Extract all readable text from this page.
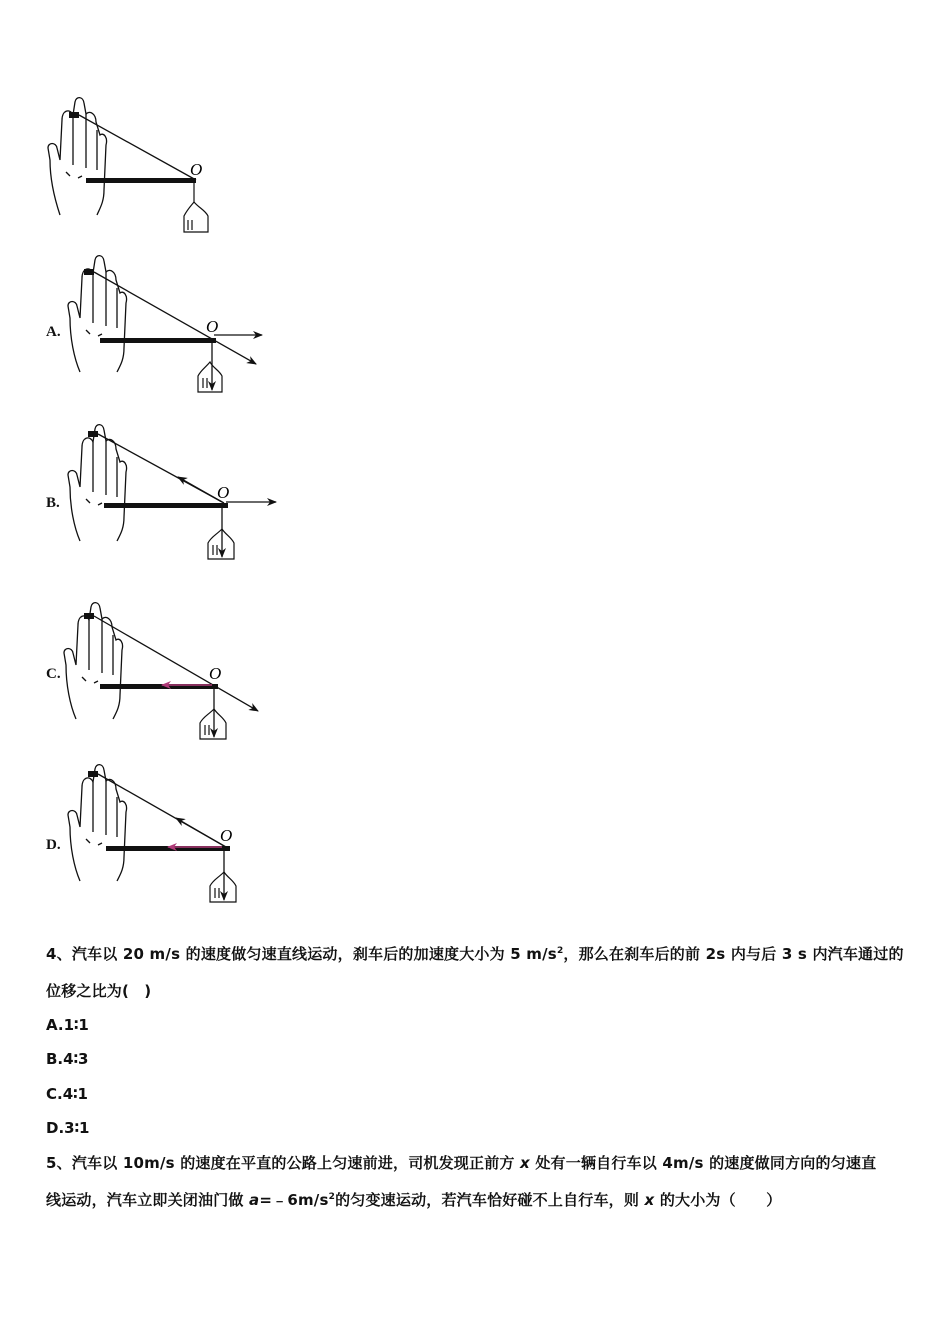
O
A.	O
B.
O
C.	O
D.	O
4、汽车以 20 m/s 的速度做匀速直线运动，刹车后的加速度大小为 5 $m/s^2$，那么在刹车后的前 2s 内与后 3 s 内汽车通过的
位移之比为(　)
A.1∶1
B.4∶3
C.4∶1
D.3∶1
5、汽车以 10m/s 的速度在平直的公路上匀速前进，司机发现正前方 x 处有一辆自行车以 4m/s 的速度做同方向的匀速直
线运动，汽车立即关闭油门做 $a=﹣6m/s^2$的匀变速运动，若汽车恰好碰不上自行车，则 x 的大小为（　　）
